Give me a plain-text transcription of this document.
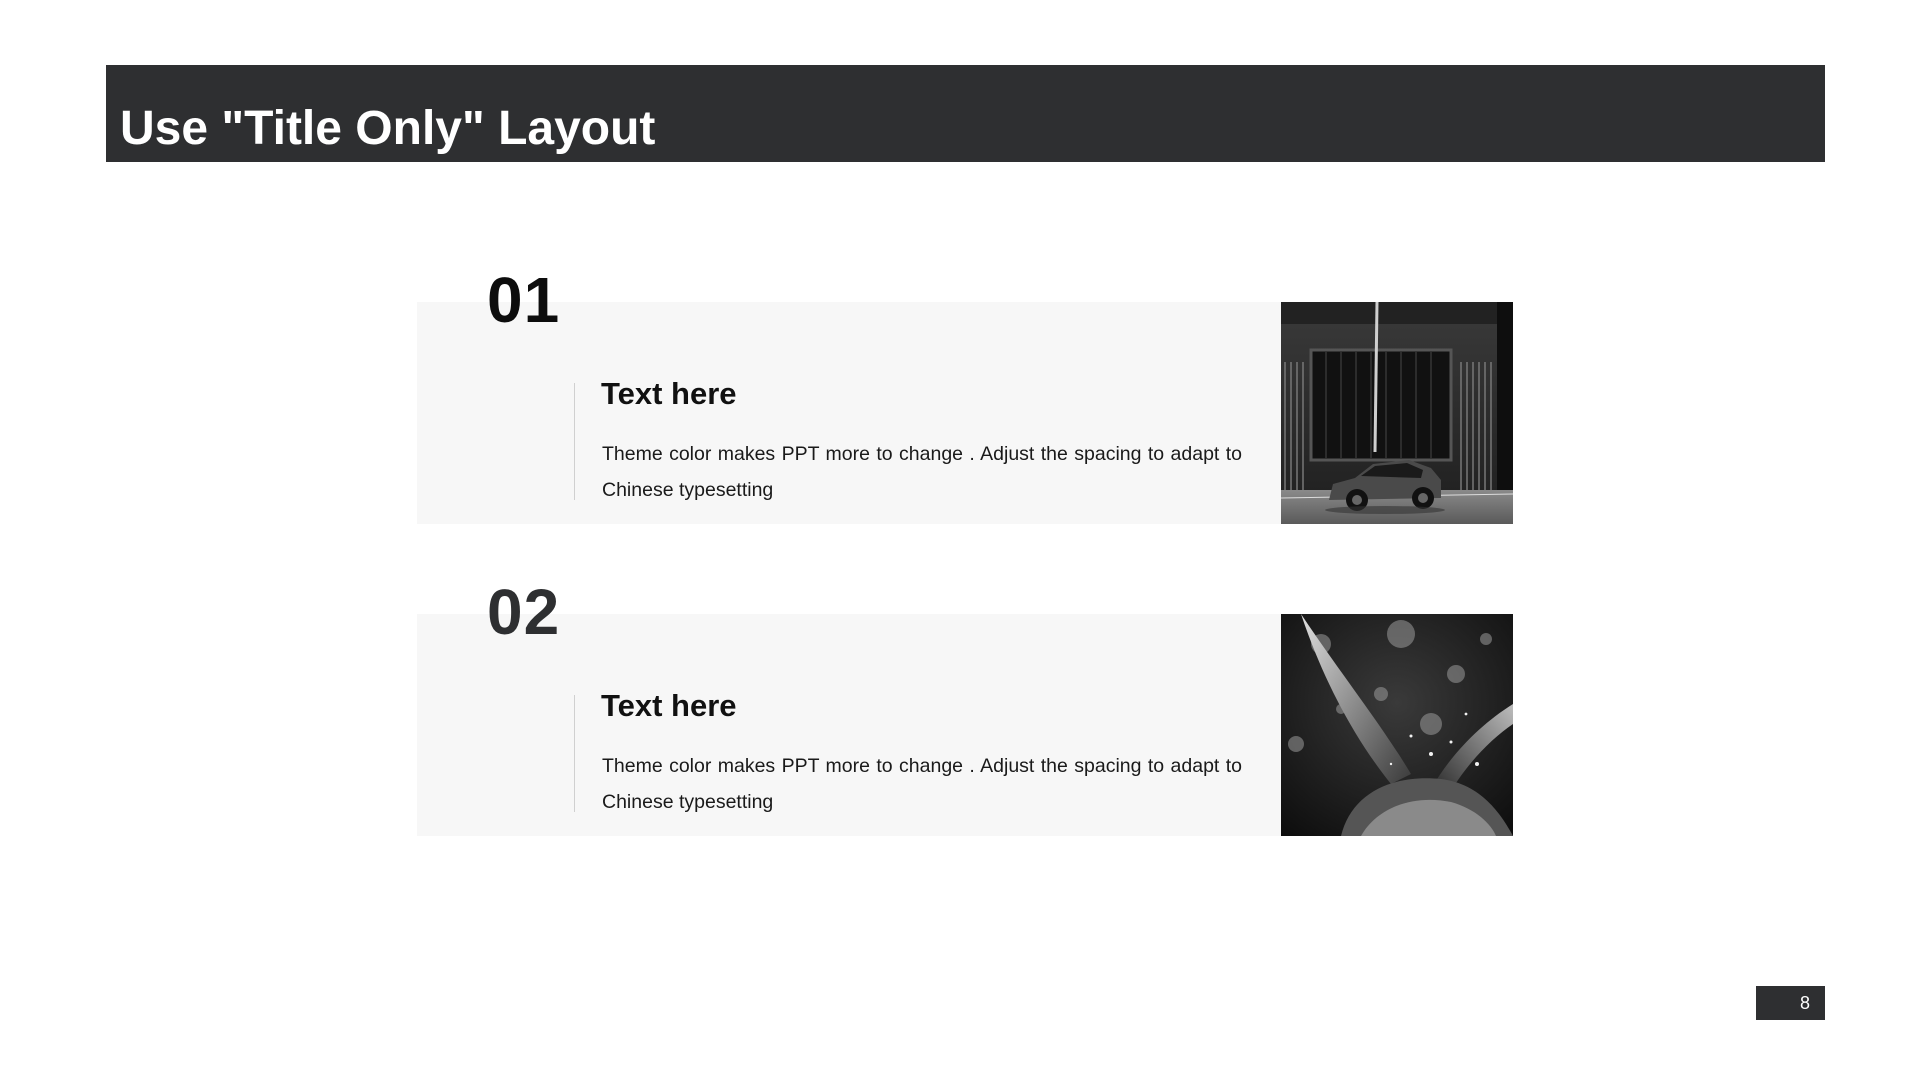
Use "Title Only" Layout
01
Text here
Theme color makes PPT more to change . Adjust the spacing to adapt to Chinese typesetting
02
Text here
Theme color makes PPT more to change . Adjust the spacing to adapt to Chinese typesetting
8
